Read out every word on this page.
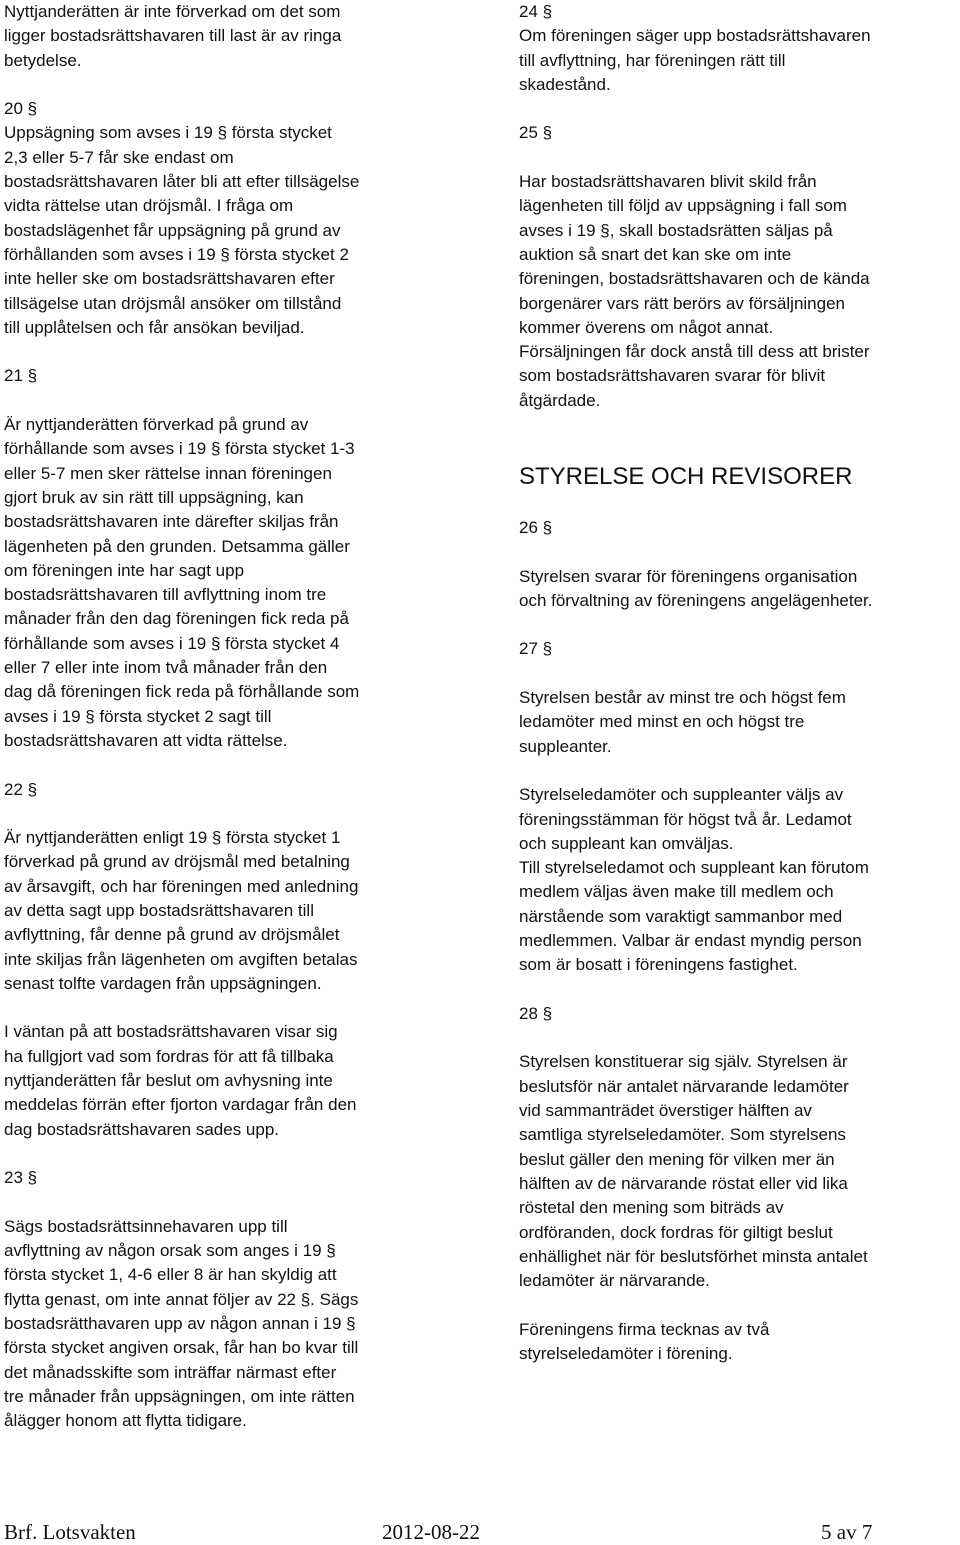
Nyttjanderätten är inte förverkad om det som

ligger bostadsrättshavaren till last är av ringa

betydelse.

20 §

Uppsägning som avses i 19 § första stycket

2,3 eller 5-7 får ske endast om

bostadsrättshavaren låter bli att efter tillsägelse

vidta rättelse utan dröjsmål. I fråga om

bostadslägenhet får uppsägning på grund av

förhållanden som avses i 19 § första stycket 2

inte heller ske om bostadsrättshavaren efter

tillsägelse utan dröjsmål ansöker om tillstånd

till upplåtelsen och får ansökan beviljad.

21 §

Är nyttjanderätten förverkad på grund av

förhållande som avses i 19 § första stycket 1-3

eller 5-7 men sker rättelse innan föreningen

gjort bruk av sin rätt till uppsägning, kan

bostadsrättshavaren inte därefter skiljas från

lägenheten på den grunden. Detsamma gäller

om föreningen inte har sagt upp

bostadsrättshavaren till avflyttning inom tre

månader från den dag föreningen fick reda på

förhållande som avses i 19 § första stycket 4

eller 7 eller inte inom två månader från den

dag då föreningen fick reda på förhållande som

avses i 19 § första stycket 2 sagt till

bostadsrättshavaren att vidta rättelse.

22 §

Är nyttjanderätten enligt 19 § första stycket 1

förverkad på grund av dröjsmål med betalning

av årsavgift, och har föreningen med anledning

av detta sagt upp bostadsrättshavaren till

avflyttning, får denne på grund av dröjsmålet

inte skiljas från lägenheten om avgiften betalas

senast tolfte vardagen från uppsägningen.

I väntan på att bostadsrättshavaren visar sig

ha fullgjort vad som fordras för att få tillbaka

nyttjanderätten får beslut om avhysning inte

meddelas förrän efter fjorton vardagar från den

dag bostadsrättshavaren sades upp.

23 §

Sägs bostadsrättsinnehavaren upp till

avflyttning av någon orsak som anges i 19 §

första stycket 1, 4-6 eller 8 är han skyldig att

flytta genast, om inte annat följer av 22 §. Sägs

bostadsrätthavaren upp av någon annan i 19 §

första stycket angiven orsak, får han bo kvar till

det månadsskifte som inträffar närmast efter

tre månader från uppsägningen, om inte rätten

ålägger honom att flytta tidigare.

24 §

Om föreningen säger upp bostadsrättshavaren

till avflyttning, har föreningen rätt till

skadestånd.

25 §

Har bostadsrättshavaren blivit skild från

lägenheten till följd av uppsägning i fall som

avses i 19 §, skall bostadsrätten säljas på

auktion så snart det kan ske om inte

föreningen, bostadsrättshavaren och de kända

borgenärer vars rätt berörs av försäljningen

kommer överens om något annat.

Försäljningen får dock anstå till dess att brister

som bostadsrättshavaren svarar för blivit

åtgärdade.

STYRELSE OCH REVISORER

26 §

Styrelsen svarar för föreningens organisation

och förvaltning av föreningens angelägenheter.

27 §

Styrelsen består av minst tre och högst fem

ledamöter med minst en och högst tre

suppleanter.

Styrelseledamöter och suppleanter väljs av

föreningsstämman för högst två år. Ledamot

och suppleant kan omväljas.

Till styrelseledamot och suppleant kan förutom

medlem väljas även make till medlem och

närstående som varaktigt sammanbor med

medlemmen. Valbar är endast myndig person

som är bosatt i föreningens fastighet.

28 §

Styrelsen konstituerar sig själv. Styrelsen är

beslutsför när antalet närvarande ledamöter

vid sammanträdet överstiger hälften av

samtliga styrelseledamöter. Som styrelsens

beslut gäller den mening för vilken mer än

hälften av de närvarande röstat eller vid lika

röstetal den mening som biträds av

ordföranden, dock fordras för giltigt beslut

enhällighet när för beslutsförhet minsta antalet

ledamöter är närvarande.

Föreningens firma tecknas av två

styrelseledamöter i förening.

Brf. Lotsvakten	2012-08-22	5 av 7
